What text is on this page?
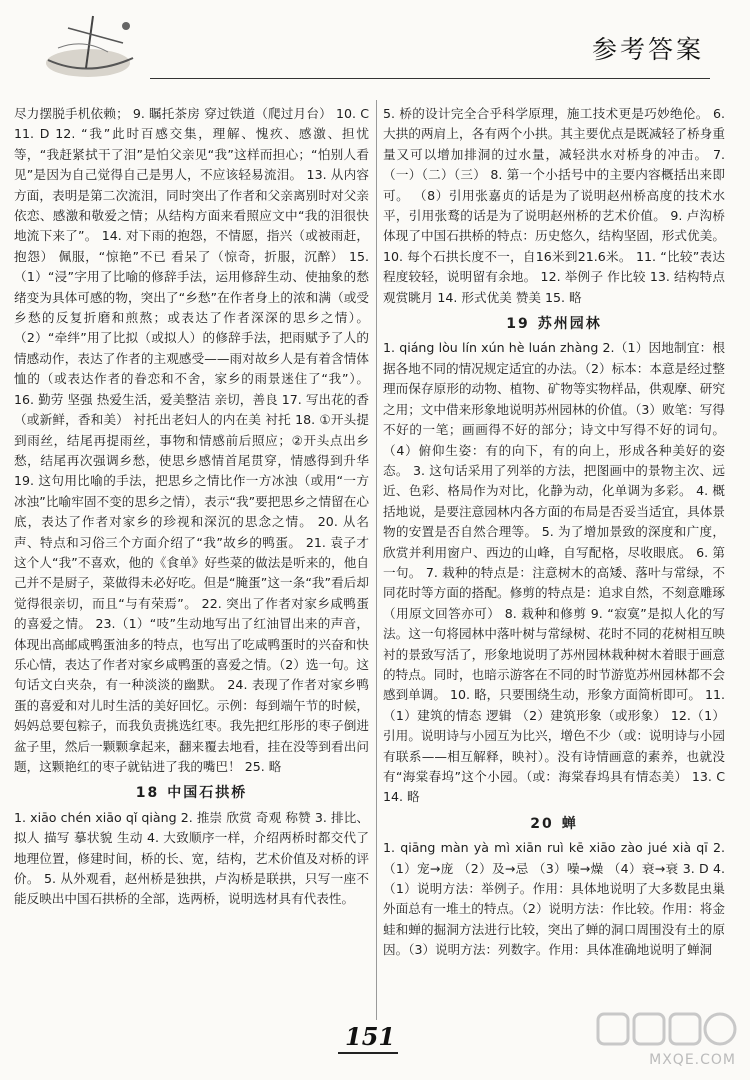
参考答案

尽力摆脱手机依赖； 9. 瞩托茶房 穿过铁道（爬过月台） 10. C 11. D 12. “我”此时百感交集，理解、愧疚、感激、担忧等，“我赶紧拭干了泪”是怕父亲见“我”这样而担心；“怕别人看见”是因为自己觉得自己是男人，不应该轻易流泪。 13. 从内容方面，表明是第二次流泪，同时突出了作者和父亲离别时对父亲依恋、感激和敬爱之情；从结构方面来看照应文中“我的泪很快地流下来了”。 14. 对下雨的抱怨，不情愿，指兴（或被雨赶，抱怨） 佩服，“惊艳”不已 看呆了（惊奇，折服，沉醉） 15.（1）“浸”字用了比喻的修辞手法，运用修辞生动、使抽象的愁绪变为具体可感的物，突出了“乡愁”在作者身上的浓和满（或受乡愁的反复折磨和煎熬；或表达了作者深深的思乡之情）。（2）“牵绊”用了比拟（或拟人）的修辞手法，把雨赋予了人的情感动作，表达了作者的主观感受——雨对故乡人是有着含情体恤的（或表达作者的眷恋和不舍，家乡的雨景迷住了“我”）。 16. 勤劳 坚强 热爱生活，爱美整洁 亲切，善良 17. 写出花的香（或新鲜，香和美） 衬托出老妇人的内在美 衬托 18. ①开头提到雨丝，结尾再提雨丝，事物和情感前后照应；②开头点出乡愁，结尾再次强调乡愁，使思乡感情首尾贯穿，情感得到升华 19. 这句用比喻的手法，把思乡之情比作一方冰浊（或用“一方冰浊”比喻牢固不变的思乡之情），表示“我”要把思乡之情留在心底，表达了作者对家乡的珍视和深沉的思念之情。 20. 从名声、特点和习俗三个方面介绍了“我”故乡的鸭蛋。 21. 袁子才这个人“我”不喜欢，他的《食单》好些菜的做法是听来的，他自己并不是厨子，菜做得未必好吃。但是“腌蛋”这一条“我”看后却觉得很亲切，而且“与有荣焉”。 22. 突出了作者对家乡咸鸭蛋的喜爱之情。 23.（1）“吱”生动地写出了红油冒出来的声音，体现出高邮咸鸭蛋油多的特点，也写出了吃咸鸭蛋时的兴奋和快乐心情，表达了作者对家乡咸鸭蛋的喜爱之情。（2）选一句。这句话文白夹杂，有一种淡淡的幽默。 24. 表现了作者对家乡鸭蛋的喜爱和对儿时生活的美好回忆。示例：每到端午节的时候，妈妈总要包粽子，而我负责挑选红枣。我先把红彤彤的枣子倒进盆子里，然后一颗颗拿起来，翻来覆去地看，挂在没等到看出问题，这颗艳红的枣子就钻进了我的嘴巴！ 25. 略

18 中国石拱桥

1. xiāo chén xiāo qǐ qiàng 2. 推崇 欣赏 奇观 称赞 3. 排比、拟人 描写 摹状貌 生动 4. 大致顺序一样，介绍两桥时都交代了地理位置，修建时间，桥的长、宽，结构，艺术价值及对桥的评价。 5. 从外观看，赵州桥是独拱，卢沟桥是联拱，只写一座不能反映出中国石拱桥的全部，选两桥，说明选材具有代表性。

5. 桥的设计完全合乎科学原理，施工技术更是巧妙绝伦。 6. 大拱的两肩上，各有两个小拱。其主要优点是既减轻了桥身重量又可以增加排洞的过水量，减轻洪水对桥身的冲击。 7.（一）（二）（三） 8. 第一个小括号中的主要内容概括出来即可。 （8）引用张嘉贞的话是为了说明赵州桥高度的技术水平，引用张鹜的话是为了说明赵州桥的艺术价值。 9. 卢沟桥体现了中国石拱桥的特点：历史悠久，结构坚固，形式优美。 10. 每个石拱长度不一，自16米到21.6米。 11. “比较”表达程度较轻，说明留有余地。 12. 举例子 作比较 13. 结构特点 观赏眺月 14. 形式优美 赞美 15. 略

19 苏州园林

1. qiáng lòu lín xún hè luán zhàng 2.（1）因地制宜：根据各地不同的情况规定适宜的办法。（2）标本：本意是经过整理而保存原形的动物、植物、矿物等实物样品，供观摩、研究之用；文中借来形象地说明苏州园林的价值。（3）败笔：写得不好的一笔；画画得不好的部分；诗文中写得不好的词句。（4）俯仰生姿：有的向下，有的向上，形成各种美好的姿态。 3. 这句话采用了列举的方法，把图画中的景物主次、远近、色彩、格局作为对比，化静为动，化单调为多彩。 4. 概括地说，是要注意园林内各方面的布局是否妥当适宜，具体景物的安置是否自然合理等。 5. 为了增加景致的深度和广度，欣赏并利用窗户、西边的山峰，自写配格，尽收眼底。 6. 第一句。 7. 栽种的特点是：注意树木的高矮、落叶与常绿，不同花时等方面的搭配。修剪的特点是：追求自然，不刻意雕琢（用原文回答亦可） 8. 栽种和修剪 9. “寂寞”是拟人化的写法。这一句将园林中落叶树与常绿树、花时不同的花树相互映衬的景致写活了，形象地说明了苏州园林栽种树木着眼于画意的特点。同时，也暗示游客在不同的时节游览苏州园林都不会感到单调。 10. 略，只要围绕生动，形象方面简析即可。 11.（1）建筑的情态 逻辑 （2）建筑形象（或形象） 12.（1）引用。说明诗与小园互为比兴，增色不少（或：说明诗与小园有联系——相互解释，映衬）。没有诗情画意的素养，也就没有“海棠春坞”这个小园。（或：海棠春坞具有情态美） 13. C 14. 略

20 蝉

1. qiāng màn yà mì xiān ruì kē xiāo zào jué xià qī 2.（1）宠→庞 （2）及→忌 （3）噪→燥 （4）衰→衰 3. D 4.（1）说明方法：举例子。作用：具体地说明了大多数昆虫巢外面总有一堆土的特点。（2）说明方法：作比较。作用：将金蛙和蝉的掘洞方法进行比较，突出了蝉的洞口周围没有土的原因。（3）说明方法：列数字。作用：具体准确地说明了蝉洞

151
MXQE.COM
